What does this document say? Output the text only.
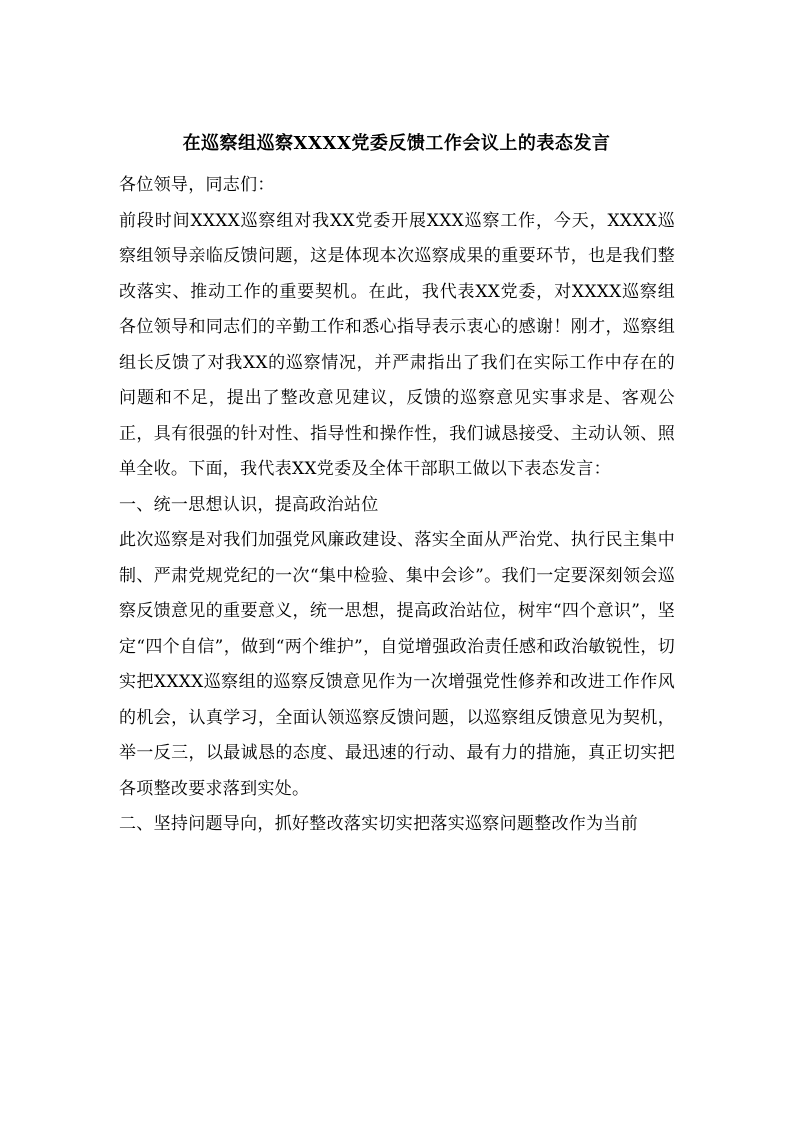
在巡察组巡察XXXX党委反馈工作会议上的表态发言

各位领导，同志们：

前段时间XXXX巡察组对我XX党委开展XXX巡察工作，今天，XXXX巡察组领导亲临反馈问题，这是体现本次巡察成果的重要环节，也是我们整改落实、推动工作的重要契机。在此，我代表XX党委，对XXXX巡察组各位领导和同志们的辛勤工作和悉心指导表示衷心的感谢！刚才，巡察组组长反馈了对我XX的巡察情况，并严肃指出了我们在实际工作中存在的问题和不足，提出了整改意见建议，反馈的巡察意见实事求是、客观公正，具有很强的针对性、指导性和操作性，我们诚恳接受、主动认领、照单全收。下面，我代表XX党委及全体干部职工做以下表态发言：

一、统一思想认识，提高政治站位

此次巡察是对我们加强党风廉政建设、落实全面从严治党、执行民主集中制、严肃党规党纪的一次“集中检验、集中会诊”。我们一定要深刻领会巡察反馈意见的重要意义，统一思想，提高政治站位，树牢“四个意识”，坚定“四个自信”，做到“两个维护”，自觉增强政治责任感和政治敏锐性，切实把XXXX巡察组的巡察反馈意见作为一次增强党性修养和改进工作作风的机会，认真学习，全面认领巡察反馈问题，以巡察组反馈意见为契机，举一反三，以最诚恳的态度、最迅速的行动、最有力的措施，真正切实把各项整改要求落到实处。

二、坚持问题导向，抓好整改落实切实把落实巡察问题整改作为当前
